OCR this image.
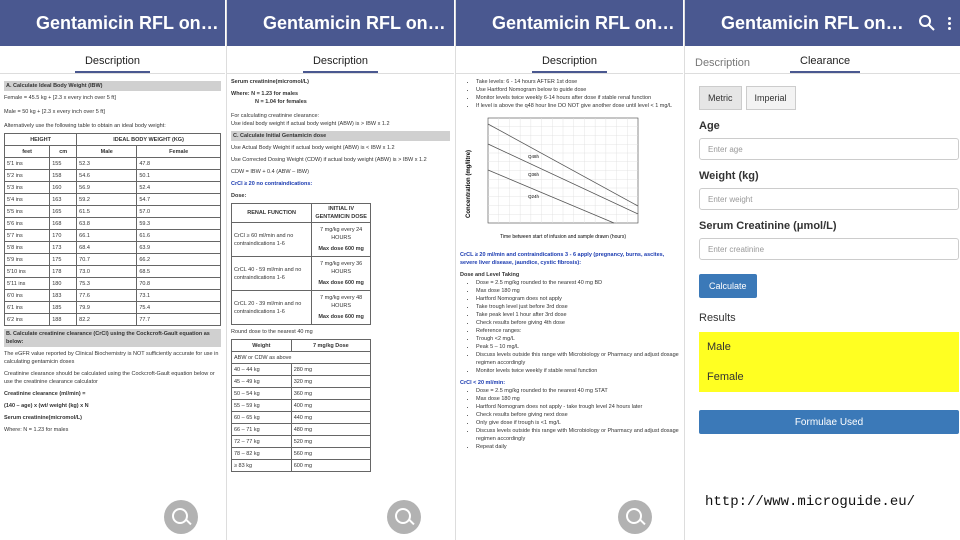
Gentamicin RFL on…
Description
A. Calculate Ideal Body Weight (IBW)

Female = 45.5 kg + [2.3 x every inch over 5 ft]

Male = 50 kg + [2.3 x every inch over 5 ft]

Alternatively use the following table to obtain an ideal body weight:

HEIGHT		IDEAL BODY WEIGHT (KG)	
feet	cm	Male	Female
5'1 ins	155	52.3	47.8
5'2 ins	158	54.6	50.1
5'3 ins	160	56.9	52.4
5'4 ins	163	59.2	54.7
5'5 ins	165	61.5	57.0
5'6 ins	168	63.8	59.3
5'7 ins	170	66.1	61.6
5'8 ins	173	68.4	63.9
5'9 ins	175	70.7	66.2
5'10 ins	178	73.0	68.5
5'11 ins	180	75.3	70.8
6'0 ins	183	77.6	73.1
6'1 ins	185	79.9	75.4
6'2 ins	188	82.2	77.7
B. Calculate creatinine clearance (CrCl) using the Cockcroft-Gault equation as below:

The eGFR value reported by Clinical Biochemistry is NOT sufficiently accurate for use in calculating gentamicin doses

Creatinine clearance should be calculated using the Cockcroft-Gault equation below or use the creatinine clearance calculator

Creatinine clearance (ml/min) =

(140 – age) x (wt/ weight (kg) x N

Serum creatinine(micromol/L)

Where: N = 1.23 for males

Gentamicin RFL on…
Description

Serum creatinine(micromol/L)

Where: N = 1.23 for males

N = 1.04 for females

For calculating creatinine clearance:

Use ideal body weight if actual body weight (ABW) is > IBW x 1.2

C. Calculate Initial Gentamicin dose

Use Actual Body Weight if actual body weight (ABW) is < IBW x 1.2

Use Corrected Dosing Weight (CDW) if actual body weight (ABW) is > IBW x 1.2

CDW = IBW + 0.4 (ABW – IBW)

CrCl ≥ 20 no contraindications:

Dose:

RENAL FUNCTION	INITIAL IV GENTAMICIN DOSE
CrCl ≥ 60 ml/min and no contraindications 1-6	7 mg/kg every 24 HOURS
Max dose 600 mg

CrCL 40 - 59 ml/min and no contraindications 1-6	7 mg/kg every 36 HOURS
Max dose 600 mg

CrCL 20 - 39 ml/min and no contraindications 1-6	7 mg/kg every 48 HOURS
Max dose 600 mg

Round dose to the nearest 40 mg

Weight	7 mg/kg Dose
ABW or CDW as above	
40 – 44 kg	280 mg
45 – 49 kg	320 mg
50 – 54 kg	360 mg
55 – 59 kg	400 mg
60 – 65 kg	440 mg
66 – 71 kg	480 mg
72 – 77 kg	520 mg
78 – 82 kg	560 mg
≥ 83 kg	600 mg
Gentamicin RFL on…
Description
• Take levels: 6 - 14 hours AFTER 1st dose
• Use Hartford Nomogram below to guide dose
• Monitor levels twice weekly 6-14 hours after dose if stable renal function
• If level is above the q48 hour line DO NOT give another dose until level < 1 mg/L
Concentration (mg/litre)	Q48h
Q36h
Q24h
Time between start of infusion and sample drawn (hours)

CrCL ≥ 20 ml/min and contraindications 3 - 6 apply (pregnancy, burns, ascites, severe liver disease, jaundice, cystic fibrosis):

Dose and Level Taking

• Dose = 2.5 mg/kg rounded to the nearest 40 mg BD
• Max dose 180 mg
• Hartford Nomogram does not apply
• Take trough level just before 3rd dose
• Take peak level 1 hour after 3rd dose
• Check results before giving 4th dose
• Reference ranges:
• Trough <2 mg/L
• Peak 5 – 10 mg/L
• Discuss levels outside this range with Microbiology or Pharmacy and adjust dosage regimen accordingly
• Monitor levels twice weekly if stable renal function

CrCl < 20 ml/min:

• Dose = 2.5 mg/kg rounded to the nearest 40 mg STAT
• Max dose 180 mg
• Hartford Nomogram does not apply - take trough level 24 hours later
• Check results before giving next dose
• Only give dose if trough is <1 mg/L
• Discuss levels outside this range with Microbiology or Pharmacy and adjust dosage regimen accordingly
• Repeat daily
Gentamicin RFL on…
Description	Clearance
Metric	Imperial
Age
Enter age
Weight (kg)
Enter weight
Serum Creatinine (μmol/L)
Enter creatinine
Calculate
Results
Male
Female
Formulae Used
http://www.microguide.eu/
